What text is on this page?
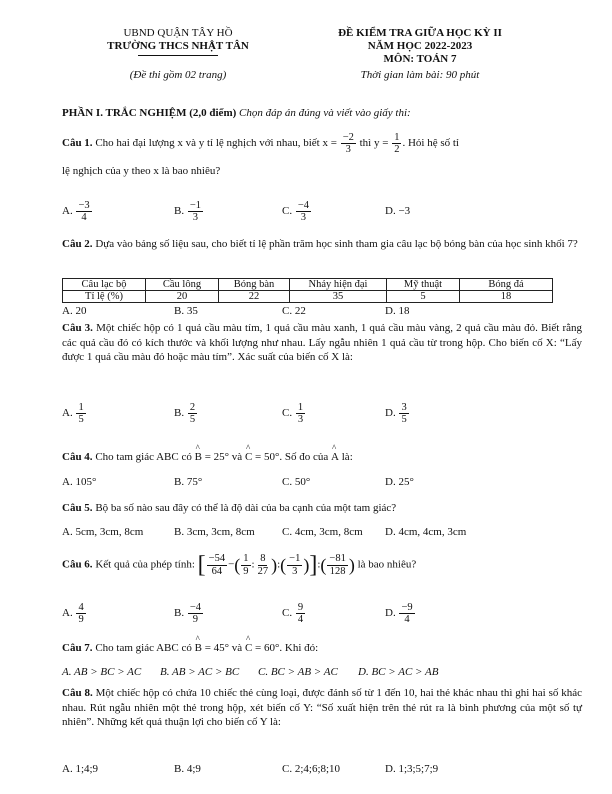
UBND QUẬN TÂY HỒ
TRƯỜNG THCS NHẬT TÂN
(Đề thi gồm 02 trang)
ĐỀ KIỂM TRA GIỮA HỌC KỲ II
NĂM HỌC 2022-2023
MÔN: TOÁN 7
Thời gian làm bài: 90 phút
PHẦN I. TRẮC NGHIỆM (2,0 điểm) Chọn đáp án đúng và viết vào giấy thi:
Câu 1. Cho hai đại lượng x và y tỉ lệ nghịch với nhau, biết $x = \frac{-2}{3}$ thì $y = \frac{1}{2}$ . Hỏi hệ số tỉ
lệ nghịch của y theo x là bao nhiêu?
A. $\frac{-3}{4}$	B. $\frac{-1}{3}$	C. $\frac{-4}{3}$	D. −3
Câu 2. Dựa vào bảng số liệu sau, cho biết tỉ lệ phần trăm học sinh tham gia câu lạc bộ bóng bàn của học sinh khối 7?
Câu lạc bộ	Cầu lông	Bóng bàn	Nhảy hiện đại	Mỹ thuật	Bóng đá
Tỉ lệ (%)	20	22	35	5	18
A. 20	B. 35	C. 22	D. 18
Câu 3. Một chiếc hộp có 1 quả cầu màu tím, 1 quả cầu màu xanh, 1 quả cầu màu vàng, 2 quả cầu màu đỏ. Biết rằng các quả cầu đó có kích thước và khối lượng như nhau. Lấy ngẫu nhiên 1 quả cầu từ trong hộp. Cho biến cố X: “Lấy được 1 quả cầu màu đỏ hoặc màu tím”. Xác suất của biến cố X là:
A. $\frac{1}{5}$	B. $\frac{2}{5}$	C. $\frac{1}{3}$	D. $\frac{3}{5}$
Câu 4. Cho tam giác ABC có ^ B = 25° và ^ C = 50°. Số đo của ^ A là:
A. 105°	B. 75°	C. 50°	D. 25°
Câu 5. Bộ ba số nào sau đây có thể là độ dài của ba cạnh của một tam giác?
A. 5cm, 3cm, 8cm	B. 3cm, 3cm, 8cm C. 4cm, 3cm, 8cm D. 4cm, 4cm, 3cm
Câu 6. Kết quả của phép tính: [ $\frac{-54}{64}$ −( $\frac{1}{9}$ : $\frac{8}{27}$ ):( $\frac{-1}{3}$ )]:( $\frac{-81}{128}$ ) là bao nhiêu?
A. $\frac{4}{9}$	B. $\frac{-4}{9}$	C. $\frac{9}{4}$	D. $\frac{-9}{4}$
Câu 7. Cho tam giác ABC có ^ B = 45° và ^ C = 60°. Khi đó:
A. AB > BC > AC B. AB > AC > BC C. BC > AB > AC D. BC > AC > AB
Câu 8. Một chiếc hộp có chứa 10 chiếc thẻ cùng loại, được đánh số từ 1 đến 10, hai thẻ khác nhau thì ghi hai số khác nhau. Rút ngẫu nhiên một thẻ trong hộp, xét biến cố Y: “Số xuất hiện trên thẻ rút ra là bình phương của một số tự nhiên”. Những kết quả thuận lợi cho biến cố Y là:
A. 1;4;9	B. 4;9	C. 2;4;6;8;10	D. 1;3;5;7;9
